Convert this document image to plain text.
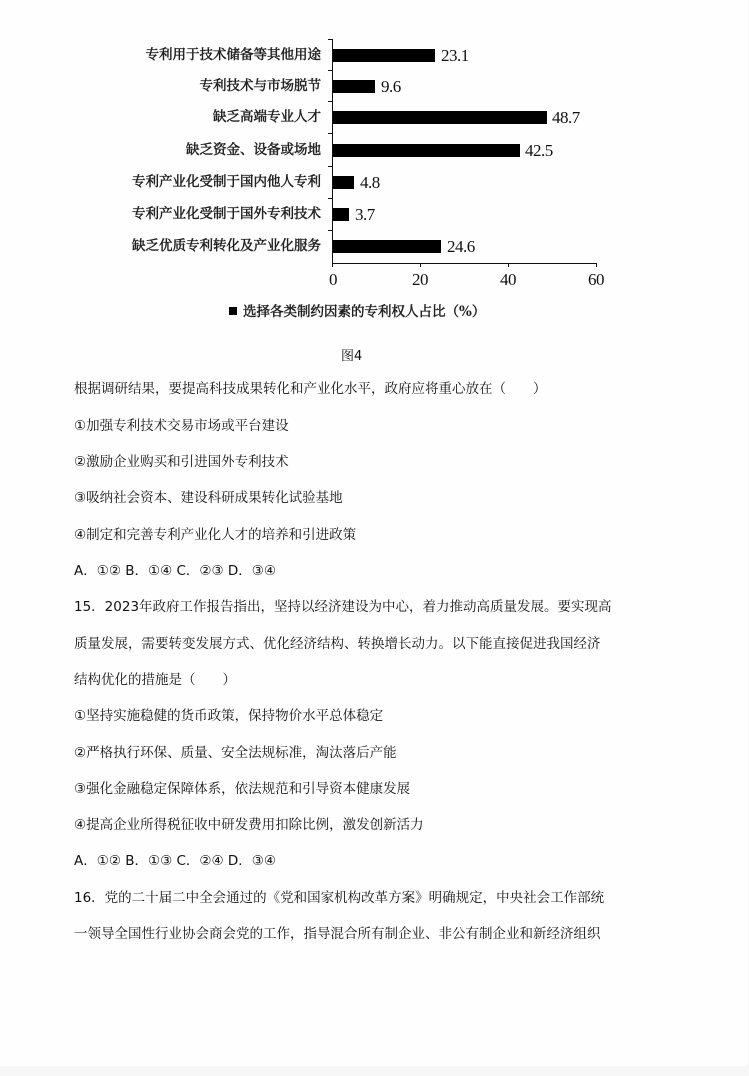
专利用于技术储备等其他用途	23.1
专利技术与市场脱节	9.6
缺乏高端专业人才	48.7
缺乏资金、设备或场地	42.5
专利产业化受制于国内他人专利 4.8
专利产业化受制于国外专利技术 3.7
缺乏优质专利转化及产业化服务	24.6
0	20	40	60
选择各类制约因素的专利权人占比（%）
图4
根据调研结果，要提高科技成果转化和产业化水平，政府应将重心放在（　　）
①加强专利技术交易市场或平台建设
②激励企业购买和引进国外专利技术
③吸纳社会资本、建设科研成果转化试验基地
④制定和完善专利产业化人才的培养和引进政策
A．①② B．①④ C．②③ D．③④
15．2023年政府工作报告指出，坚持以经济建设为中心，着力推动高质量发展。要实现高
质量发展，需要转变发展方式、优化经济结构、转换增长动力。以下能直接促进我国经济
结构优化的措施是（　　）
①坚持实施稳健的货币政策，保持物价水平总体稳定
②严格执行环保、质量、安全法规标准，淘汰落后产能
③强化金融稳定保障体系，依法规范和引导资本健康发展
④提高企业所得税征收中研发费用扣除比例，激发创新活力
A．①② B．①③ C．②④ D．③④
16．党的二十届二中全会通过的《党和国家机构改革方案》明确规定，中央社会工作部统
一领导全国性行业协会商会党的工作，指导混合所有制企业、非公有制企业和新经济组织
